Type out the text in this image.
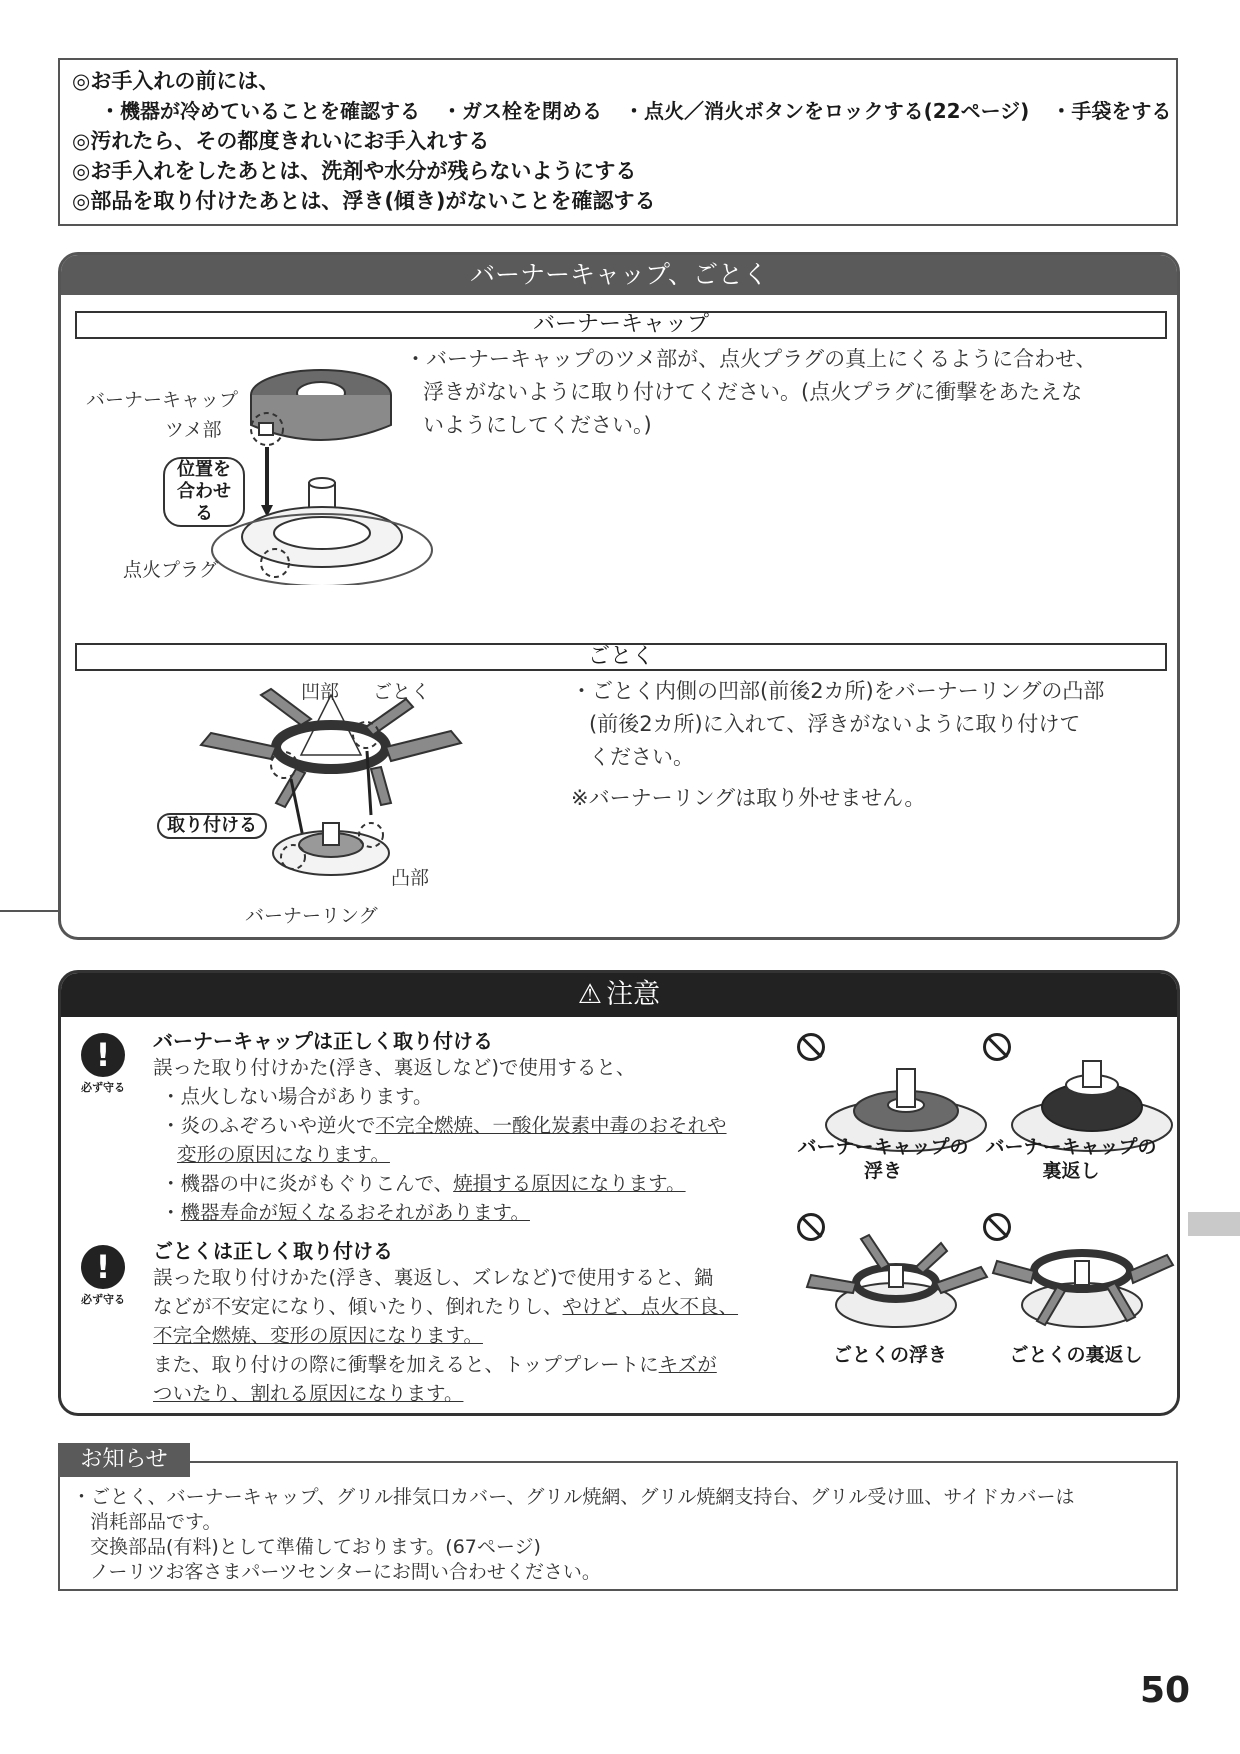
◎お手入れの前には、
・機器が冷めていることを確認する ・ガス栓を閉める ・点火／消火ボタンをロックする(22ページ) ・手袋をする
◎汚れたら、その都度きれいにお手入れする
◎お手入れをしたあとは、洗剤や水分が残らないようにする
◎部品を取り付けたあとは、浮き(傾き)がないことを確認する
バーナーキャップ、ごとく
バーナーキャップ
・バーナーキャップのツメ部が、点火プラグの真上にくるように合わせ、
浮きがないように取り付けてください。(点火プラグに衝撃をあたえな
いようにしてください。)
バーナーキャップ
ツメ部
位置を
合わせる
点火プラグ
ごとく
・ごとく内側の凹部(前後2カ所)をバーナーリングの凸部
(前後2カ所)に入れて、浮きがないように取り付けて
ください。
※バーナーリングは取り外せません。
凹部 ごとく
取り付ける
凸部
バーナーリング
⚠ 注意
!
必ず守る
バーナーキャップは正しく取り付ける
誤った取り付けかた(浮き、裏返しなど)で使用すると、
・点火しない場合があります。
・炎のふぞろいや逆火で不完全燃焼、一酸化炭素中毒のおそれや
変形の原因になります。
・機器の中に炎がもぐりこんで、焼損する原因になります。
・機器寿命が短くなるおそれがあります。
!
必ず守る
ごとくは正しく取り付ける
誤った取り付けかた(浮き、裏返し、ズレなど)で使用すると、鍋
などが不安定になり、傾いたり、倒れたりし、やけど、点火不良、
不完全燃焼、変形の原因になります。
また、取り付けの際に衝撃を加えると、トッププレートにキズが
ついたり、割れる原因になります。
バーナーキャップの
浮き
バーナーキャップの
裏返し
ごとくの浮き	ごとくの裏返し
・ごとく、バーナーキャップ、グリル排気口カバー、グリル焼網、グリル焼網支持台、グリル受け皿、サイドカバーは
消耗部品です。
交換部品(有料)として準備しております。(67ページ)
ノーリツお客さまパーツセンターにお問い合わせください。
お知らせ
50
